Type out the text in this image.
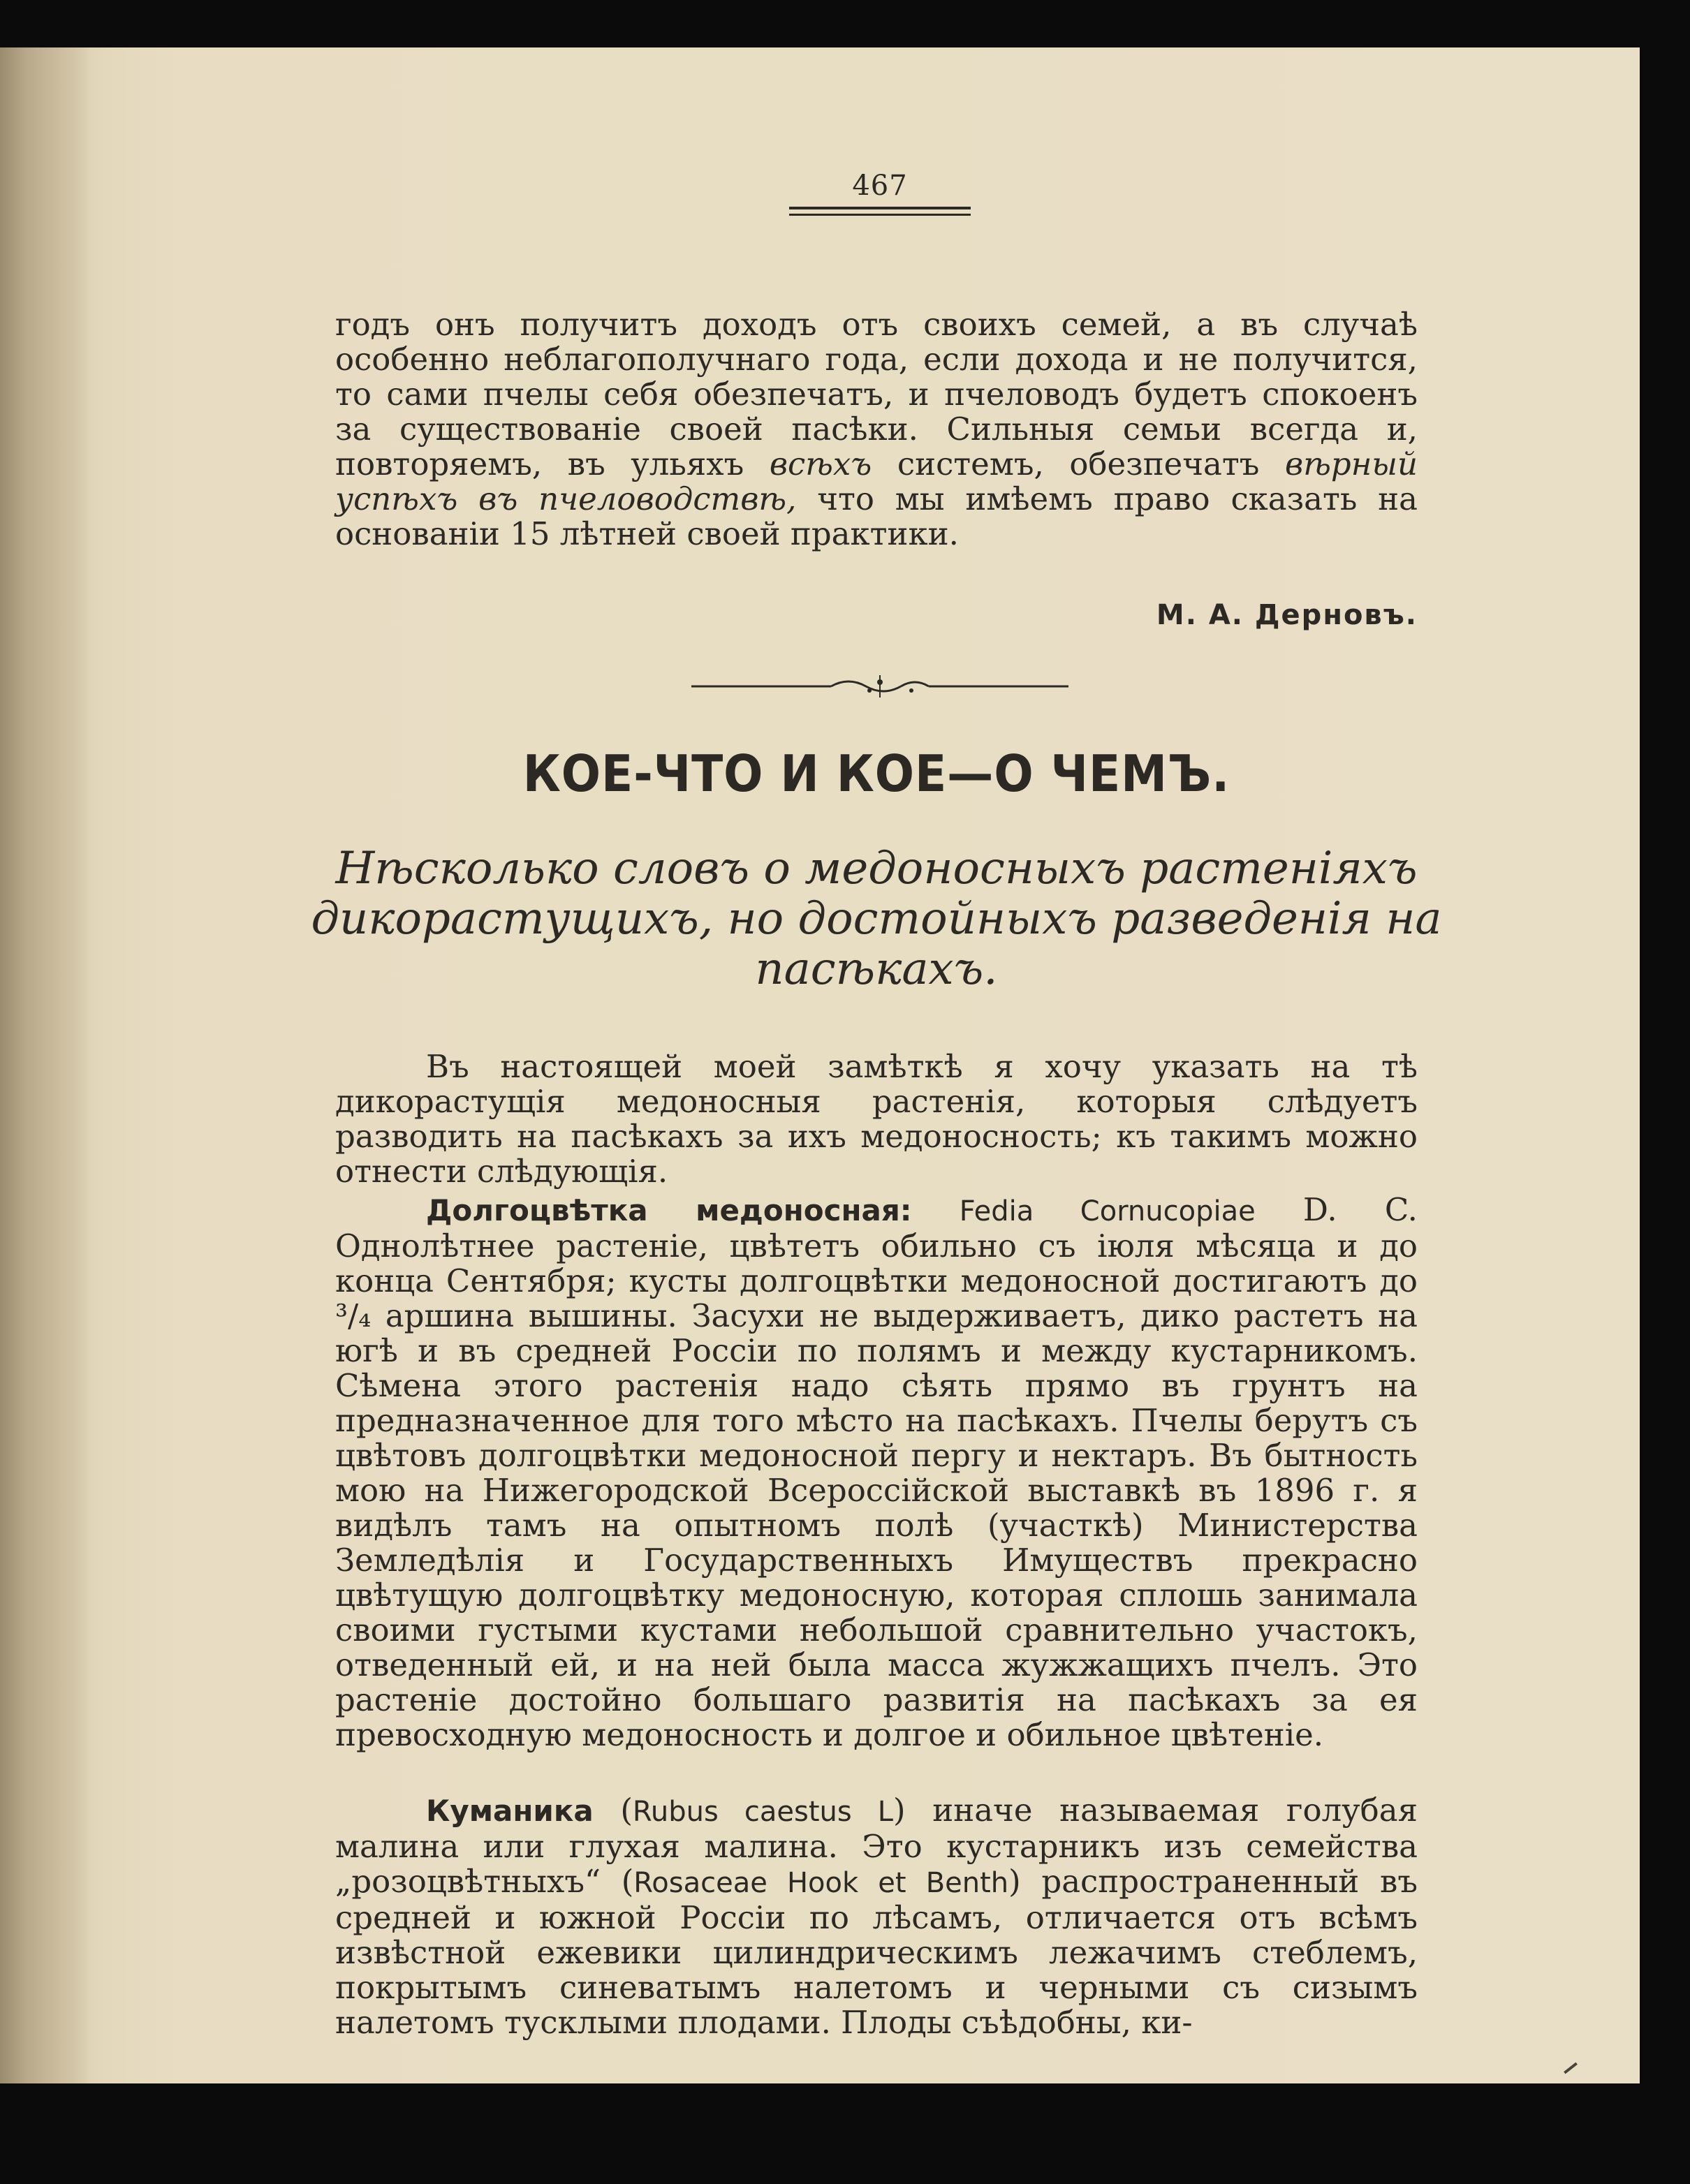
467

годъ онъ получитъ доходъ отъ своихъ семей, а въ случаѣ особенно неблагополучнаго года, если дохода и не получится, то сами пчелы себя обезпечатъ, и пчеловодъ будетъ спокоенъ за существованіе своей пасѣки. Сильныя семьи всегда и, повторяемъ, въ ульяхъ всѣхъ системъ, обезпечатъ вѣрный успѣхъ въ пчеловодствѣ, что мы имѣемъ право сказать на основаніи 15 лѣтней своей практики.

М. А. Дерновъ.
КОЕ-ЧТО И КОЕ—О ЧЕМЪ.
Нѣсколько словъ о медоносныхъ растеніяхъ дикорастущихъ, но достойныхъ разведенія на пасѣкахъ.

Въ настоящей моей замѣткѣ я хочу указать на тѣ дикорастущія медоносныя растенія, которыя слѣдуетъ разводить на пасѣкахъ за ихъ медоносность; къ такимъ можно отнести слѣдующія.

Долгоцвѣтка медоносная: Fedia Cornucopiae D. C. Однолѣтнее растеніе, цвѣтетъ обильно съ іюля мѣсяца и до конца Сентября; кусты долгоцвѣтки медоносной достигаютъ до ³/₄ аршина вышины. Засухи не выдерживаетъ, дико растетъ на югѣ и въ средней Россіи по полямъ и между кустарникомъ. Сѣмена этого растенія надо сѣять прямо въ грунтъ на предназначенное для того мѣсто на пасѣкахъ. Пчелы берутъ съ цвѣтовъ долгоцвѣтки медоносной пергу и нектаръ. Въ бытность мою на Нижегородской Всероссійской выставкѣ въ 1896 г. я видѣлъ тамъ на опытномъ полѣ (участкѣ) Министерства Земледѣлія и Государственныхъ Имуществъ прекрасно цвѣтущую долгоцвѣтку медоносную, которая сплошь занимала своими густыми кустами небольшой сравнительно участокъ, отведенный ей, и на ней была масса жужжащихъ пчелъ. Это растеніе достойно большаго развитія на пасѣкахъ за ея превосходную медоносность и долгое и обильное цвѣтеніе.

Куманика (Rubus caestus L) иначе называемая голубая малина или глухая малина. Это кустарникъ изъ семейства „розоцвѣтныхъ“ (Rosaceae Hook et Benth) распространенный въ средней и южной Россіи по лѣсамъ, отличается отъ всѣмъ извѣстной ежевики цилиндрическимъ лежачимъ стеблемъ, покрытымъ синеватымъ налетомъ и черными съ сизымъ налетомъ тусклыми плодами. Плоды съѣдобны, ки-
